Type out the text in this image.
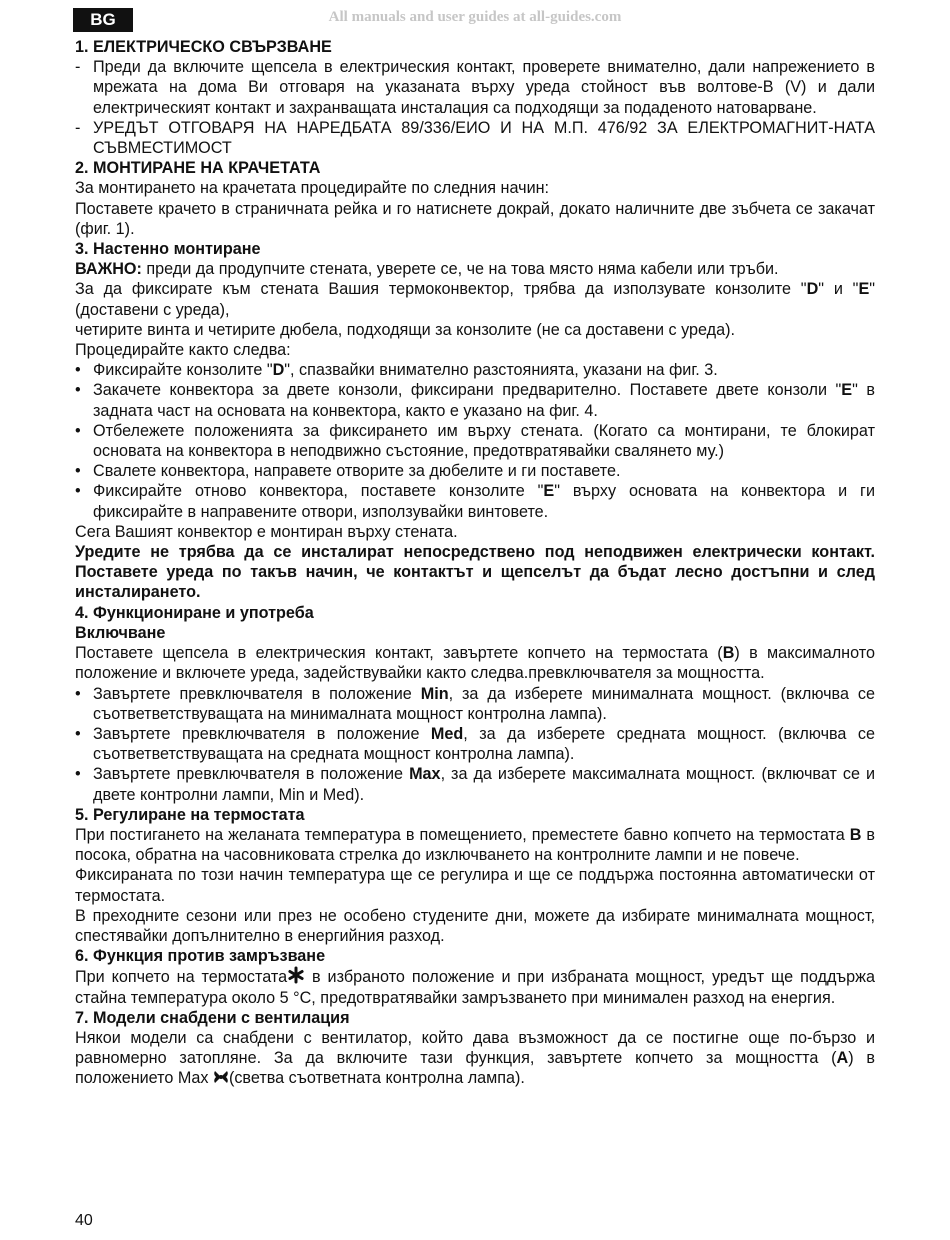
BG	All manuals and user guides at all-guides.com

1. ЕЛЕКТРИЧЕСКО СВЪРЗВАНЕ

- Преди да включите щепсела в електрическия контакт, проверете внимателно, дали напрежението в мрежата на дома Ви отговаря на указаната върху уреда стойност във волтове-В (V) и дали електрическият контакт и захранващата инсталация са подходящи за подаденото натоварване.

- УРЕДЪТ ОТГОВАРЯ НА НАРЕДБАТА 89/336/ЕИО И НА М.П. 476/92 ЗА ЕЛЕКТРОМАГНИТ-НАТА СЪВМЕСТИМОСТ

2. МОНТИРАНЕ НА КРАЧЕТАТА

За монтирането на крачетата процедирайте по следния начин:

Поставете крачето в страничната рейка и го натиснете докрай, докато наличните две зъбчета се закачат (фиг. 1).

3. Настенно монтиране

ВАЖНО: преди да продупчите стената, уверете се, че на това място няма кабели или тръби.

За да фиксирате към стената Вашия термоконвектор, трябва да използувате конзолите "D" и "E" (доставени с уреда),

четирите винта и четирите дюбела, подходящи за конзолите (не са доставени с уреда).

Процедирайте както следва:

• Фиксирайте конзолите "D", спазвайки внимателно разстоянията, указани на фиг. 3.

• Закачете конвектора за двете конзоли, фиксирани предварително. Поставете двете конзоли "E" в задната част на основата на конвектора, както е указано на фиг. 4.

• Отбележете положенията за фиксирането им върху стената. (Когато са монтирани, те блокират основата на конвектора в неподвижно състояние, предотвратявайки свалянето му.)

• Свалете конвектора, направете отворите за дюбелите и ги поставете.

• Фиксирайте отново конвектора, поставете конзолите "E" върху основата на конвектора и ги фиксирайте в направените отвори, използувайки винтовете.

Сега Вашият конвектор е монтиран върху стената.

Уредите не трябва да се инсталират непосредствено под неподвижен електрически контакт. Поставете уреда по такъв начин, че контактът и щепселът да бъдат лесно достъпни и след инсталирането.

4. Функциониране и употреба

Включване

Поставете щепсела в електрическия контакт, завъртете копчето на термостата (B) в максималното положение и включете уреда, задействувайки както следва.превключвателя за мощността.

• Завъртете превключвателя в положение Min, за да изберете минималната мощност. (включва се съответветствуващата на минималната мощност контролна лампа).

• Завъртете превключвателя в положение Med, за да изберете средната мощност. (включва се съответветствуващата на средната мощност контролна лампа).

• Завъртете превключвателя в положение Max, за да изберете максималната мощност. (включват се и двете контролни лампи, Min и Med).

5. Регулиране на термостата

При постигането на желаната температура в помещението, преместете бавно копчето на термостата B в посока, обратна на часовниковата стрелка до изключването на контролните лампи и не повече.

Фиксираната по този начин температура ще се регулира и ще се поддържа постоянна автоматически от термостата.

В преходните сезони или през не особено студените дни, можете да избирате минималната мощност, спестявайки допълнително в енергийния разход.

6. Функция против замръзване

При копчето на термостата в избраното положение и при избраната мощност, уредът ще поддържа стайна температура около 5 °C, предотвратявайки замръзването при минимален разход на енергия.

7. Модели снабдени с вентилация

Някои модели са снабдени с вентилатор, който дава възможност да се постигне още по-бързо и равномерно затопляне. За да включите тази функция, завъртете копчето за мощността (A) в положението Max (светва съответната контролна лампа).

40
